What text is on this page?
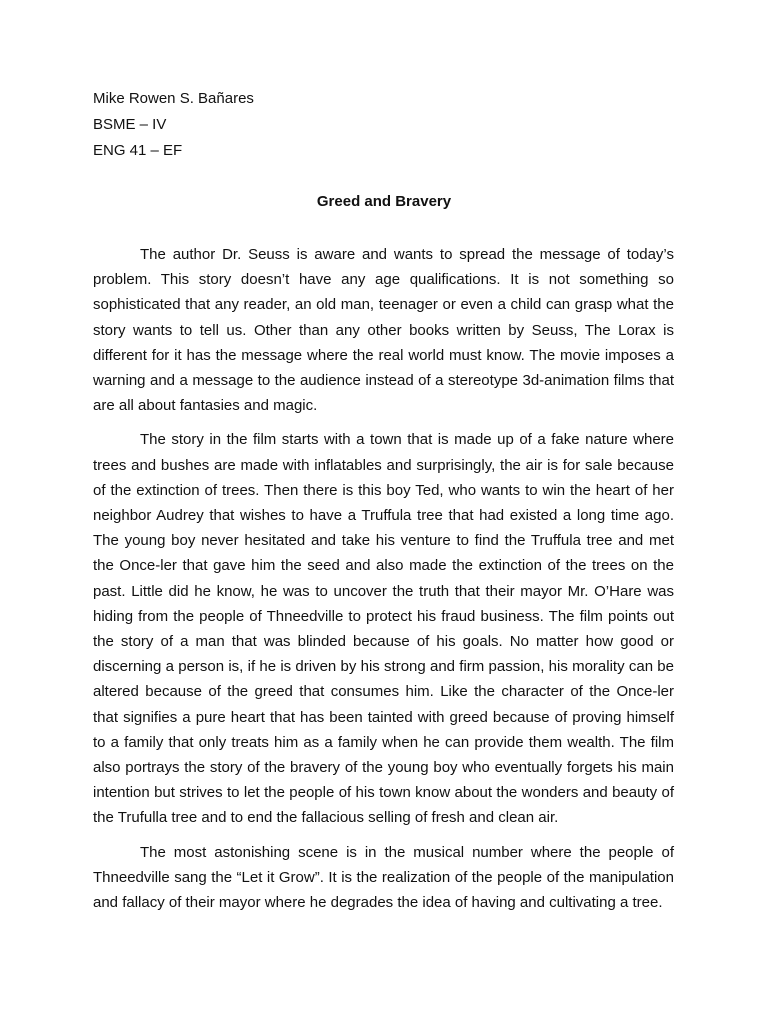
Mike Rowen S. Bañares
BSME – IV
ENG 41 – EF
Greed and Bravery

The author Dr. Seuss is aware and wants to spread the message of today’s problem. This story doesn’t have any age qualifications. It is not something so sophisticated that any reader, an old man, teenager or even a child can grasp what the story wants to tell us. Other than any other books written by Seuss, The Lorax is different for it has the message where the real world must know. The movie imposes a warning and a message to the audience instead of a stereotype 3d-animation films that are all about fantasies and magic.

The story in the film starts with a town that is made up of a fake nature where trees and bushes are made with inflatables and surprisingly, the air is for sale because of the extinction of trees. Then there is this boy Ted, who wants to win the heart of her neighbor Audrey that wishes to have a Truffula tree that had existed a long time ago. The young boy never hesitated and take his venture to find the Truffula tree and met the Once-ler that gave him the seed and also made the extinction of the trees on the past. Little did he know, he was to uncover the truth that their mayor Mr. O’Hare was hiding from the people of Thneedville to protect his fraud business. The film points out the story of a man that was blinded because of his goals. No matter how good or discerning a person is, if he is driven by his strong and firm passion, his morality can be altered because of the greed that consumes him. Like the character of the Once-ler that signifies a pure heart that has been tainted with greed because of proving himself to a family that only treats him as a family when he can provide them wealth. The film also portrays the story of the bravery of the young boy who eventually forgets his main intention but strives to let the people of his town know about the wonders and beauty of the Trufulla tree and to end the fallacious selling of fresh and clean air.

The most astonishing scene is in the musical number where the people of Thneedville sang the “Let it Grow”. It is the realization of the people of the manipulation and fallacy of their mayor where he degrades the idea of having and cultivating a tree.
